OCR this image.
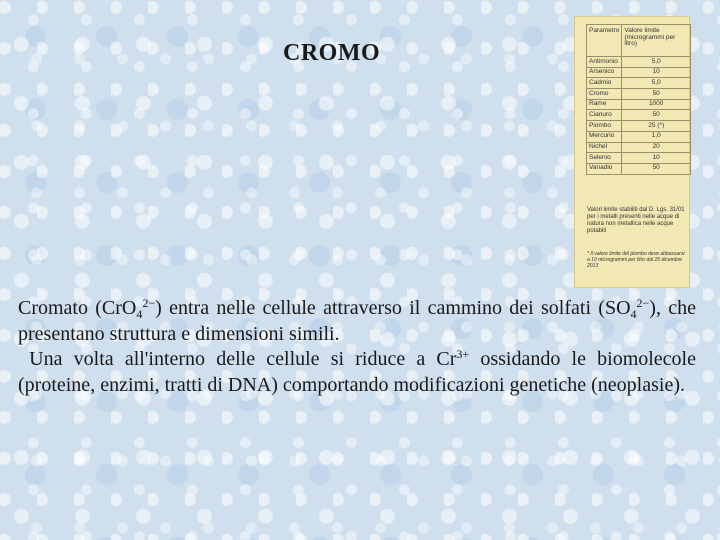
CROMO
Parametro	Valore limite (microgrammi per litro)
Antimonio	5,0
Arsenico	10
Cadmio	5,0
Cromo	50
Rame	1000
Cianuro	50
Piombo	25 (*)
Mercurio	1,0
Nichel	20
Selenio	10
Vanadio	50
Valori limite stabiliti dal D. Lgs. 31/01 per i metalli presenti nelle acque di natura non metallica nelle acque potabili
* Il valore limite del piombo deve abbassarsi a 10 microgrammi per litro dal 25 dicembre 2013

Cromato (CrO$_4^{2-}$) entra nelle cellule attraverso il cammino dei solfati $(SO_4^{2-})$, che presentano struttura e dimensioni simili.

Una volta all'interno delle cellule si riduce a $Cr^{3+}$ ossidando le biomolecole (proteine, enzimi, tratti di DNA) comportando modificazioni genetiche (neoplasie).
